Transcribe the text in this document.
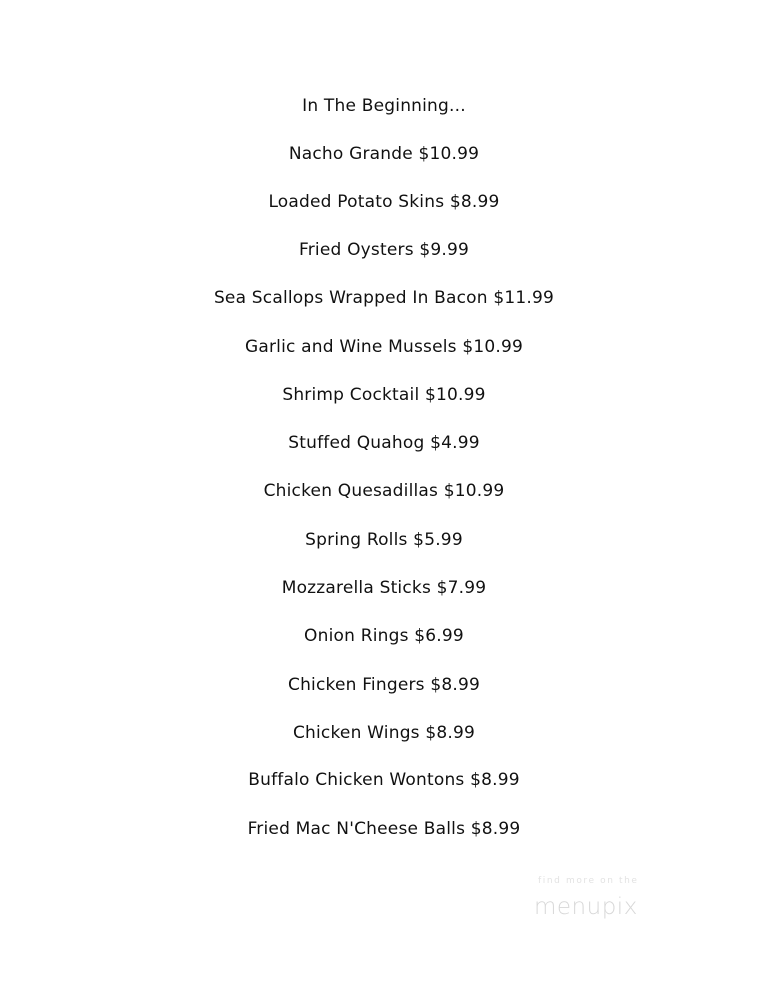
In The Beginning...
Nacho Grande $10.99
Loaded Potato Skins $8.99
Fried Oysters $9.99
Sea Scallops Wrapped In Bacon $11.99
Garlic and Wine Mussels $10.99
Shrimp Cocktail $10.99
Stuffed Quahog $4.99
Chicken Quesadillas $10.99
Spring Rolls $5.99
Mozzarella Sticks $7.99
Onion Rings $6.99
Chicken Fingers $8.99
Chicken Wings $8.99
Buffalo Chicken Wontons $8.99
Fried Mac N'Cheese Balls $8.99
find more on the
menupix
